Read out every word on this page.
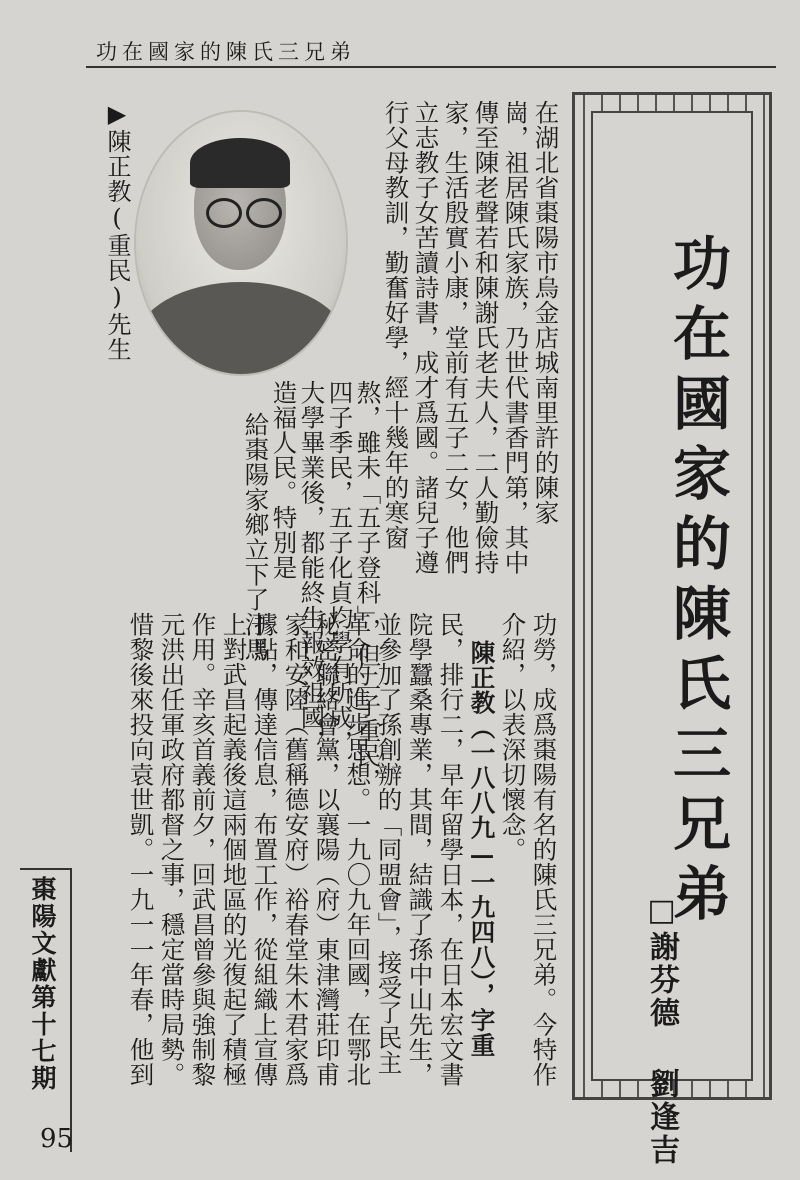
功在國家的陳氏三兄弟
功在國家的陳氏三兄弟
□謝芬德 劉逢吉
在湖北省棗陽市烏金店城南里許的陳家
崗，祖居陳氏家族，乃世代書香門第，其中
傳至陳老聲若和陳謝氏老夫人，二人勤儉持
家，生活殷實小康，堂前有五子二女，他們
立志教子女苦讀詩書，成才爲國。諸兒子遵
行父母教訓，勤奮好學，經十幾年的寒窗
熬，雖未「五子登科」，但二子重民，
四子季民，五子化貞均學有所成，
大學畢業後，都能終生報效祖國，
造福人民。特別是
給棗陽家鄉立下了汗馬
▶陳正教(重民)先生
功勞，成爲棗陽有名的陳氏三兄弟。今特作
介紹，以表深切懷念。
陳正教（一八八九—一九四八），字重
民，排行二，早年留學日本，在日本宏文書
院學蠶桑專業，其間，結識了孫中山先生，
並參加了孫創辦的「同盟會」，接受了民主
革命的進步思想。一九〇九年回國，在鄂北
秘密聯絡會黨，以襄陽（府）東津灣莊印甫
家和安陸（舊稱德安府）裕春堂朱木君家爲
據點，傳達信息，布置工作，從組織上宣傳
上對武昌起義後這兩個地區的光復起了積極
作用。辛亥首義前夕，回武昌曾參與強制黎
元洪出任軍政府都督之事，穩定當時局勢。
惜黎後來投向袁世凱。一九一一年春，他到
棗陽文獻第十七期
95
